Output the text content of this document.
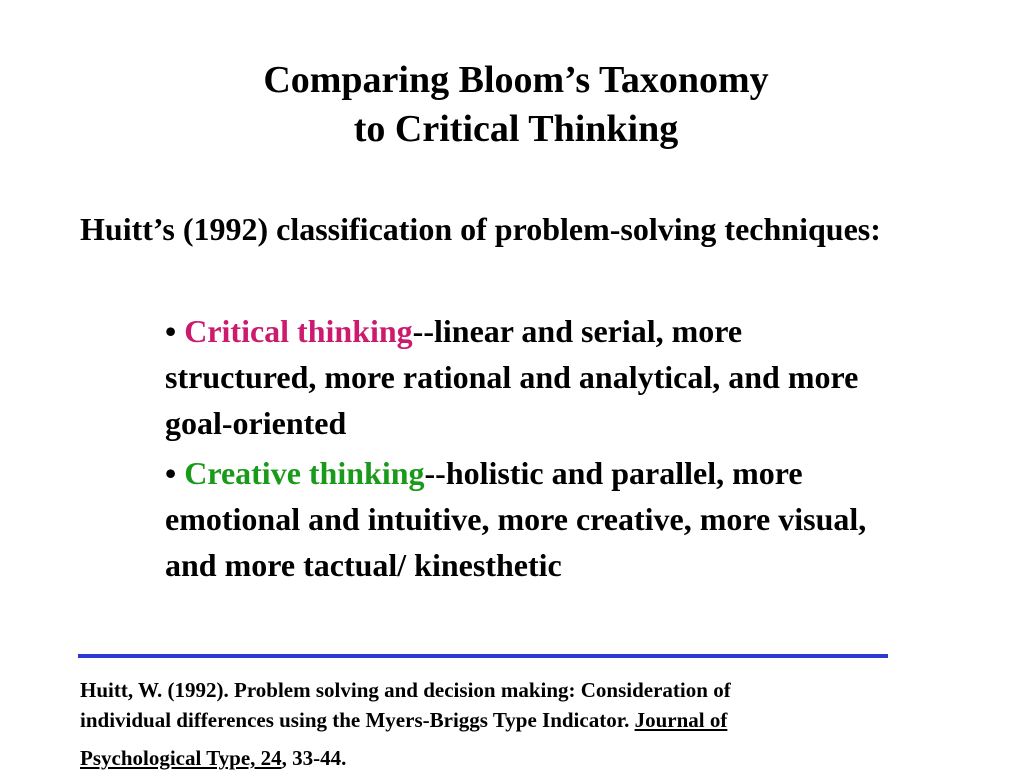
Comparing Bloom’s Taxonomy
to Critical Thinking
Huitt’s (1992) classification of problem-solving techniques:

• Critical thinking--linear and serial, more structured, more rational and analytical, and more goal-oriented

• Creative thinking--holistic and parallel, more emotional and intuitive, more creative, more visual, and more tactual/ kinesthetic

Huitt, W. (1992). Problem solving and decision making: Consideration of
individual differences using the Myers-Briggs Type Indicator. Journal of
Psychological Type, 24, 33-44.
